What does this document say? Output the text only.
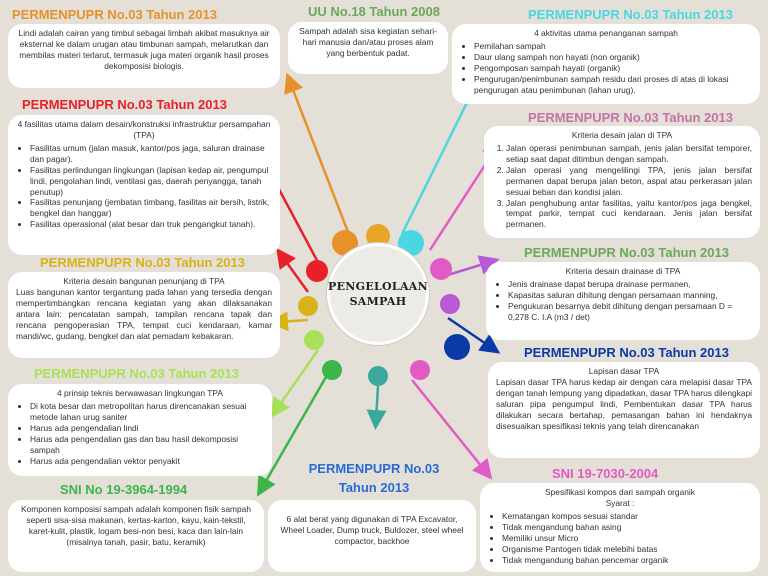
PENGELOLAAN
SAMPAH
PERMENPUPR No.03 Tahun 2013
Lindi adalah cairan yang timbul sebagai limbah akibat masuknya air eksternal ke dalam urugan atau timbunan sampah, melarutkan dan membilas materi terlarut, termasuk juga materi organik hasil proses dekomposisi biologis.
UU No.18 Tahun 2008
Sampah adalah sisa kegiatan sehari-hari manusia dan/atau proses alam yang berbentuk padat.
PERMENPUPR No.03 Tahun 2013
4 aktivitas utama penanganan sampah
• Pemilahan sampah
• Daur ulang sampah non hayati (non organik)
• Pengomposan sampah hayati (organik)
• Pengurugan/penimbunan sampah residu dari proses di atas di lokasi pengurugan atau penimbunan (lahan urug).
PERMENPUPR No.03 Tahun 2013
4 fasilitas utama dalam desain/konstruksi infrastruktur persampahan (TPA)
• Fasilitas umum (jalan masuk, kantor/pos jaga, saluran drainase dan pagar).
• Fasilitas perlindungan lingkungan (lapisan kedap air, pengumpul lindi, pengolahan lindi, ventilasi gas, daerah penyangga, tanah penutup)
• Fasilitas penunjang (jembatan timbang, fasilitas air bersih, listrik, bengkel dan hanggar)
• Fasilitas operasional (alat besar dan truk pengangkut tanah).
PERMENPUPR No.03 Tahun 2013
Kriteria desain jalan di TPA
1. Jalan operasi penimbunan sampah, jenis jalan bersifat temporer, setiap saat dapat ditimbun dengan sampah.
2. Jalan operasi yang mengelilingi TPA, jenis jalan bersifat permanen dapat berupa jalan beton, aspal atau perkerasan jalan sesuai beban dan kondisi jalan.
3. Jalan penghubung antar fasilitas, yaitu kantor/pos jaga bengkel, tempat parkir, tempat cuci kendaraan. Jenis jalan bersifat permanen.
PERMENPUPR No.03 Tahun 2013
Kriteria desain bangunan penunjang di TPA
Luas bangunan kantor tergantung pada lahan yang tersedia dengan mempertimbangkan rencana kegiatan yang akan dilaksanakan antara lain: pencatatan sampah, tampilan rencana tapak dan rencana pengoperasian TPA, tempat cuci kendaraan, kamar mandi/wc, gudang, bengkel dan alat pemadam kebakaran.
PERMENPUPR No.03 Tahun 2013
Kriteria desain drainase di TPA
• Jenis drainase dapat berupa drainase permanen,
• Kapasitas saluran dihitung dengan persamaan manning,
• Pengukuran besarnya debit dihitung dengan persamaan D = 0,278 C. I.A (m3 / det)
PERMENPUPR No.03 Tahun 2013
4 prinsip teknis berwawasan lingkungan TPA
• Di kota besar dan metropolitan harus direncanakan sesuai metode lahan urug saniter
• Harus ada pengendalian lindi
• Harus ada pengendalian gas dan bau hasil dekomposisi sampah
• Harus ada pengendalian vektor penyakit
PERMENPUPR No.03 Tahun 2013
Lapisan dasar TPA
Lapisan dasar TPA harus kedap air dengan cara melapisi dasar TPA dengan tanah lempung yang dipadatkan, dasar TPA harus dilengkapi saluran pipa pengumpul lindi, Pembentukan dasar TPA harus dilakukan secara bertahap, pemasangan bahan ini hendaknya disesuaikan spesifikasi teknis yang telah direncanakan
SNI No 19-3964-1994
Komponen komposisi sampah adalah komponen fisik sampah seperti sisa-sisa makanan, kertas-karton, kayu, kain-tekstil, karet-kulit, plastik, logam besi-non besi, kaca dan lain-lain (misalnya tanah, pasir, batu, keramik)
PERMENPUPR No.03
Tahun 2013
6 alat berat yang digunakan di TPA Excavator, Wheel Loader, Dump truck, Buldozer, steel wheel compactor, backhoe
SNI 19-7030-2004
Spesifikasi kompos dari sampah organik
Syarat :
• Kematangan kompos sesuai standar
• Tidak mengandung bahan asing
• Memiliki unsur Micro
• Organisme Pantogen tidak melebihi batas
• Tidak mengandung bahan pencemar organik
